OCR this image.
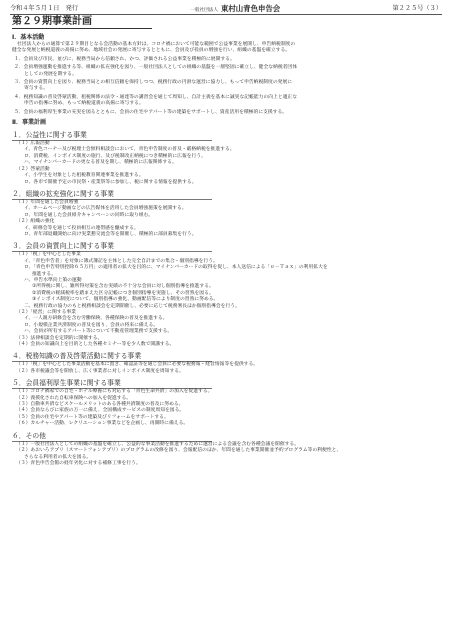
令和４年５月１日　発行	一般社団法人 東村山青色申告会	第２２５号（３）
第２９期事業計画
Ⅰ．基本活動
社団法人からの通算で第２９期目となる会活動の基本方針は、コロナ禍において可能な範囲で公益事業を展開し、申告納税制度の
健全な発展と納税道義の高揚に努め、地域社会の発展に寄与するとともに、会員及び役員の増強を行い、組織の基盤を確立する。
１．会員及び市民、並びに、税務当局から信頼され、かつ、評価される公益事業を積極的に展開する。
２．会員増強運動を推進する等、組織の拡充強化を図り、一般社団法人としての組織の基盤を一層堅固に確立し、健全な納税者団体
としての発展を期する。
３．会員の資質向上を図り、税務当局との相互信頼を保持しつつ、税務行政の円滑な運営に協力し、もって申告納税制度の発展に
寄与する。
４．税務知識の普及啓蒙活動、租税関係の法令・通達等の講習会を通じて周知し、自計主義を基本に誠実な記帳能力の向上と適正な
申告の指導に努め、もって納税道義の高揚に寄与する。
５．会員の福利厚生事業の充実を図るとともに、会員の住宅やアパート等の建築をサポートし、資産活用を積極的に支援する。
Ⅱ．事業計画
１．公益性に関する事業
（１）広報活動
イ、青色コーナー及び税理士会無料相談会において、青色申告制度の普及・厳格納税を推進する。
ロ、消費税、インボイス制度の施行、及び税制改正納税につき積極的に広報を行う。
ハ、マイナンバーカードの更なる普及を期し、積極的に広報関係する。
（２）啓蒙活動
イ、小学生を対象とした租税教育関連事業を推進する。
ロ、各市で開催予定の市民祭・産業祭等に参加し、税に関する情報を提供する。
２．組織の拡充強化に関する事業
（１）年間を通した会員増強
イ、ホームページ動画などの広告媒体を活用した会員増強施策を展開する。
ロ、年間を通した会員紹介キャンペーンの同時に取り組む。
（２）組織の強化
イ、研修会等を通じて役員相互の連帯感を醸成する。
ロ、青年部退職開始に向け実業懇交流会等を開催し、積極的に部員募集を行う。
３．会員の資質向上に関する事業
（１）「税」を中心とした事業
イ、「青色申告者」を対象に簿式簿記を主体とした完全自計までの集合・個別指導を行う。
ロ、「青色申告特別控除６５万円」の適用者の拡大を目的に、マイナンバーカードの取得を促し、本人送信による「ｅ－Ｔａｘ」の利用拡大を
推進する。
ハ、申告水準向上策の運動
①所得税に関し、雑所得対策を含む実績の不十分な会員に対し個別指導を推進する。
②消費税の軽減税率を踏まえた区分記帳につき個別指導を実施し、その習熟を図る。
③インボイス制度について、個別指導の強化、動画配信等により制度の習熟に努める。
二、税務行政の協力のもと税務相談会を定期開催し、必要に応じて税務署長ほか個別指導会を行う。
（２）「経営」に関する事業
イ、一人親方研修会を含む労働保険、各種保険の普及を推進する。
ロ、小規模企業共済制度の普及を図り、会員の将来に備える。
ハ、会員が所有するアパート等について不動産管理業務で支援する。
（３）法律相談会を定期的に開催する。
（４）会員の知識向上を目的とした各種セミナー等を少人数で開講する。
４．税務知識の普及啓蒙活動に関する事業
（１）「税」を中心とした事業活動を基本に置き、確認証等を通じ会員に必要な税務報・経営情報等を提供する。
（２）各市税議会等を開放し、広く事業者に対しインボイス制度を周知する。
５．会員福利厚生事業に関する事業
（１）コロナ禍家での自宅・ホテル療養にも対応する「青色生命共済」の加入を促進する。
（２）義援化された自転車保険への加入を促進する。
（３）自動車共済などスケールメリットのある各種共済制度の普及に努める。
（４）会員ならびに家族の万一に備え、全国構成サービスの制度周知を図る。
（５）会員の住宅やアパート等の建築及びリフォームをサポートする。
（６）カルチャー活動、レクリエーション事業などを企画し、再開時に備える。
６．その他
（１）一般社団法人としての組織の基盤を確立し、公益的な事業活動を推進するために運営による会議を含む各種会議を開催する。
（２）あおいろアプリ（スマートフォンアプリ）のプログラムの改修を図り、会報配信のほか、年間を通した事業開催並予約プログラム等の利便性と、
さらなる利用者の拡大を図る。
（３）青色申告会館の経年劣化に対する補修工事を行う。
